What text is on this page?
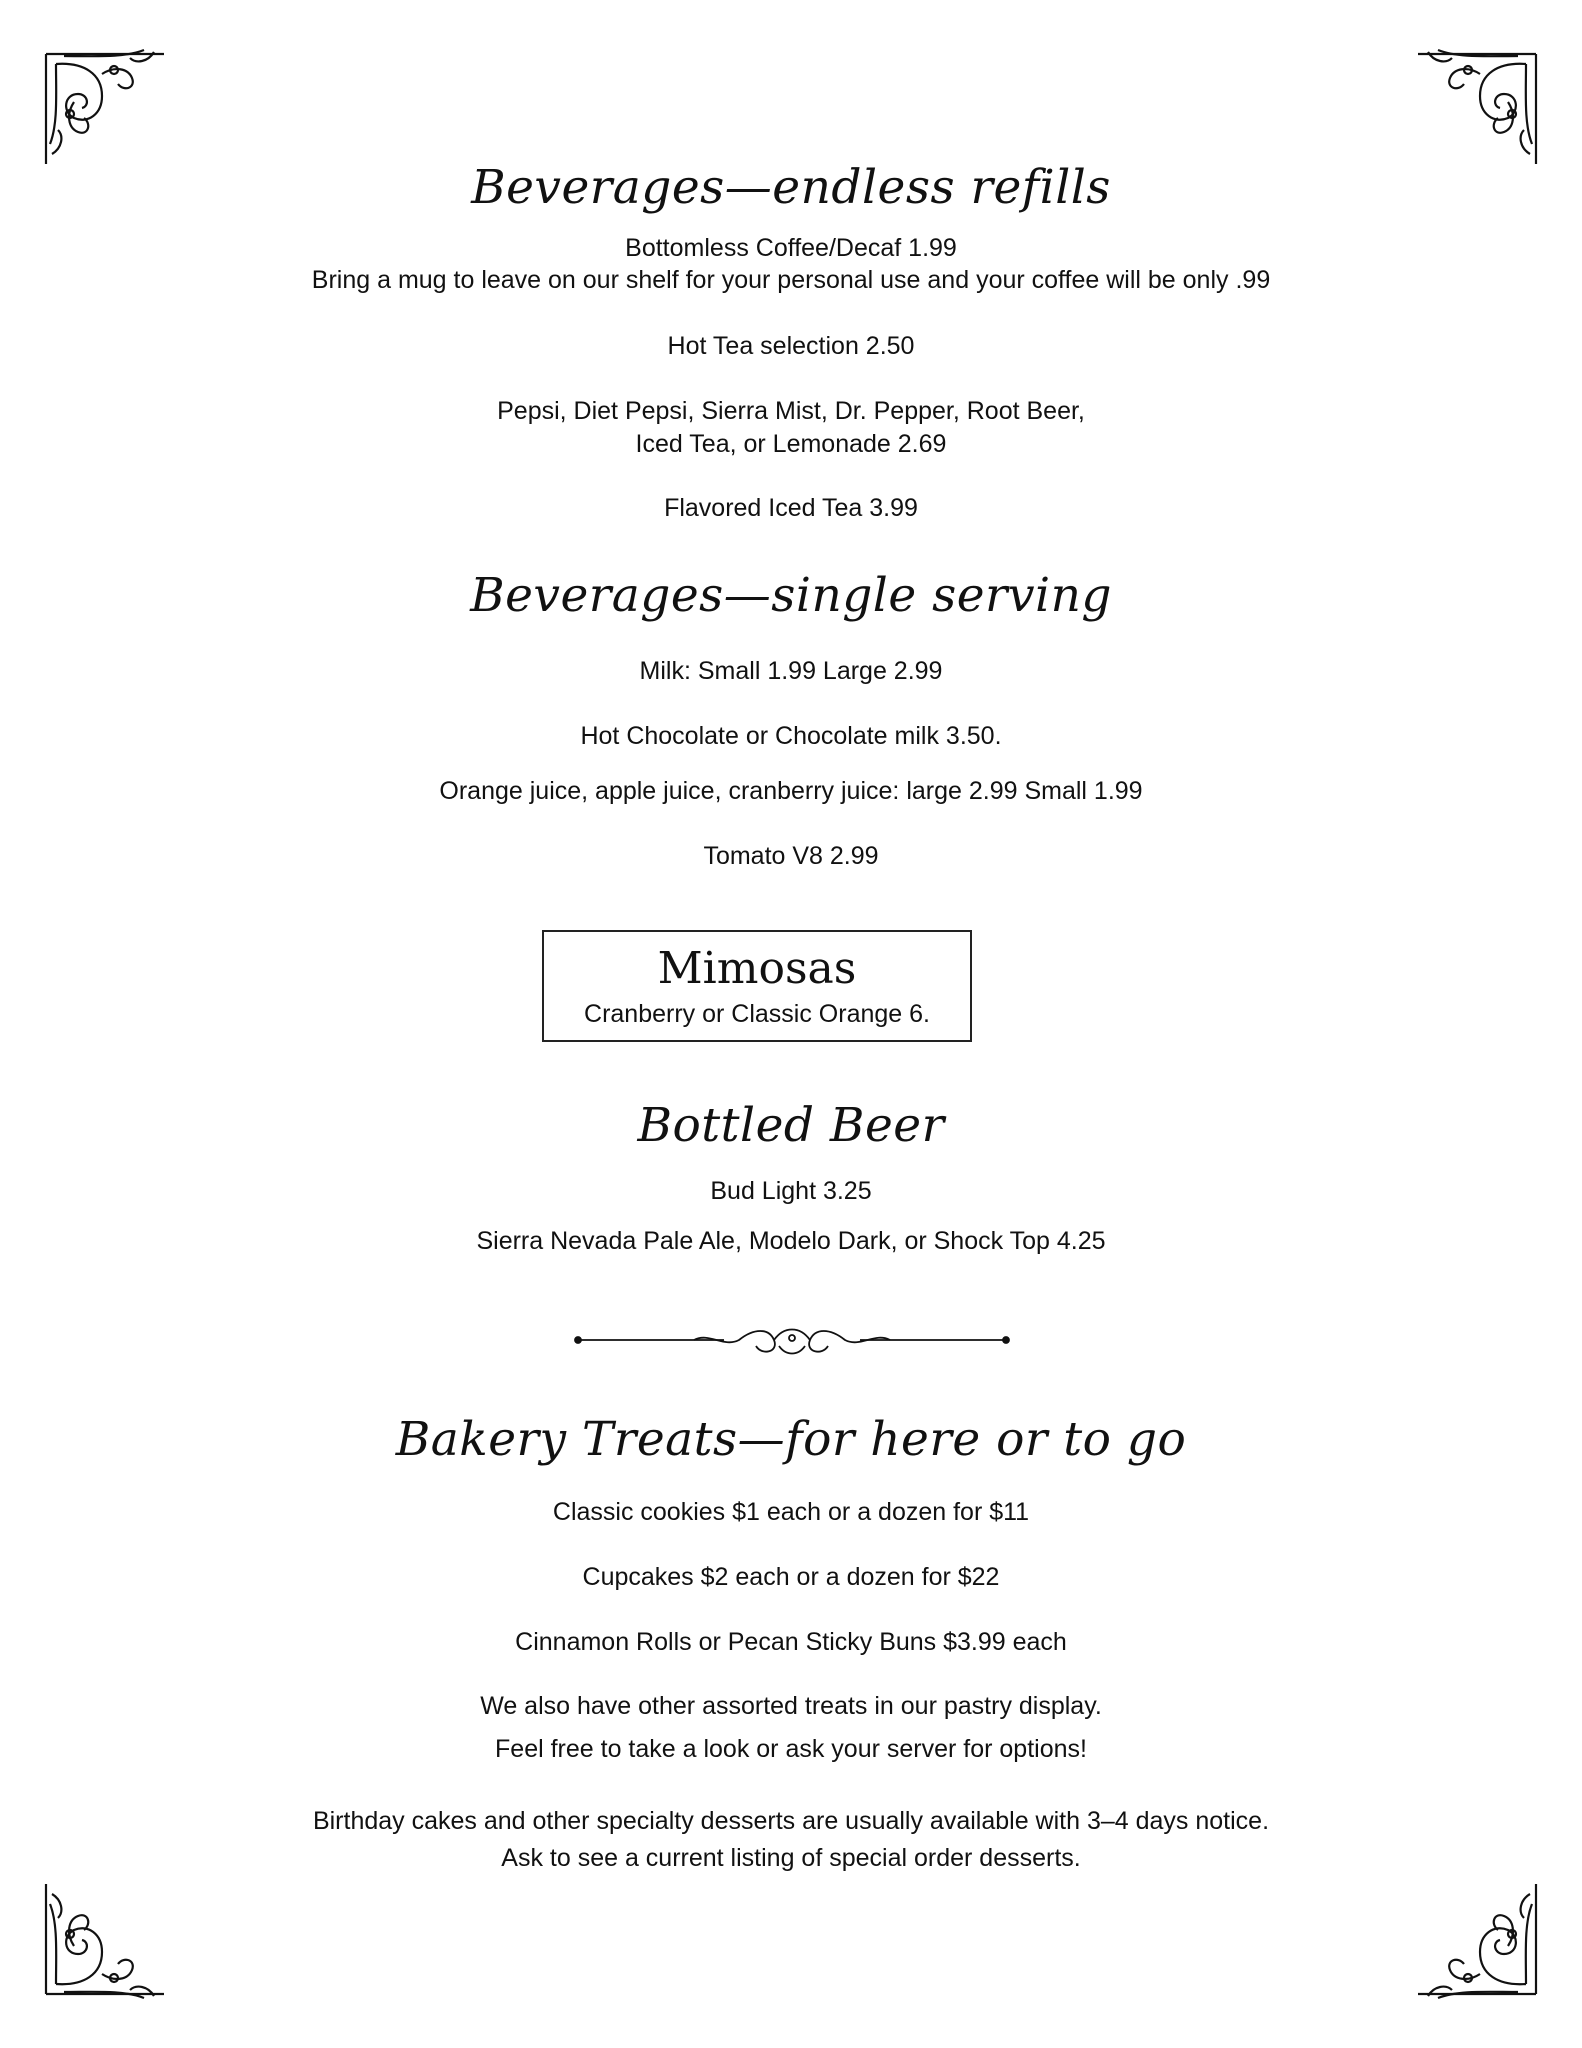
Beverages—endless refills

Bottomless Coffee/Decaf 1.99

Bring a mug to leave on our shelf for your personal use and your coffee will be only .99

Hot Tea selection 2.50

Pepsi, Diet Pepsi, Sierra Mist, Dr. Pepper, Root Beer,

Iced Tea, or Lemonade 2.69

Flavored Iced Tea 3.99

Beverages—single serving

Milk: Small 1.99 Large 2.99

Hot Chocolate or Chocolate milk 3.50.

Orange juice, apple juice, cranberry juice: large 2.99 Small 1.99

Tomato V8 2.99

Bottled Beer

Bud Light 3.25

Sierra Nevada Pale Ale, Modelo Dark, or Shock Top 4.25

Bakery Treats—for here or to go

Classic cookies $1 each or a dozen for $11

Cupcakes $2 each or a dozen for $22

Cinnamon Rolls or Pecan Sticky Buns $3.99 each

We also have other assorted treats in our pastry display.

Feel free to take a look or ask your server for options!

Birthday cakes and other specialty desserts are usually available with 3–4 days notice.

Ask to see a current listing of special order desserts.

Mimosas
Cranberry or Classic Orange 6.
